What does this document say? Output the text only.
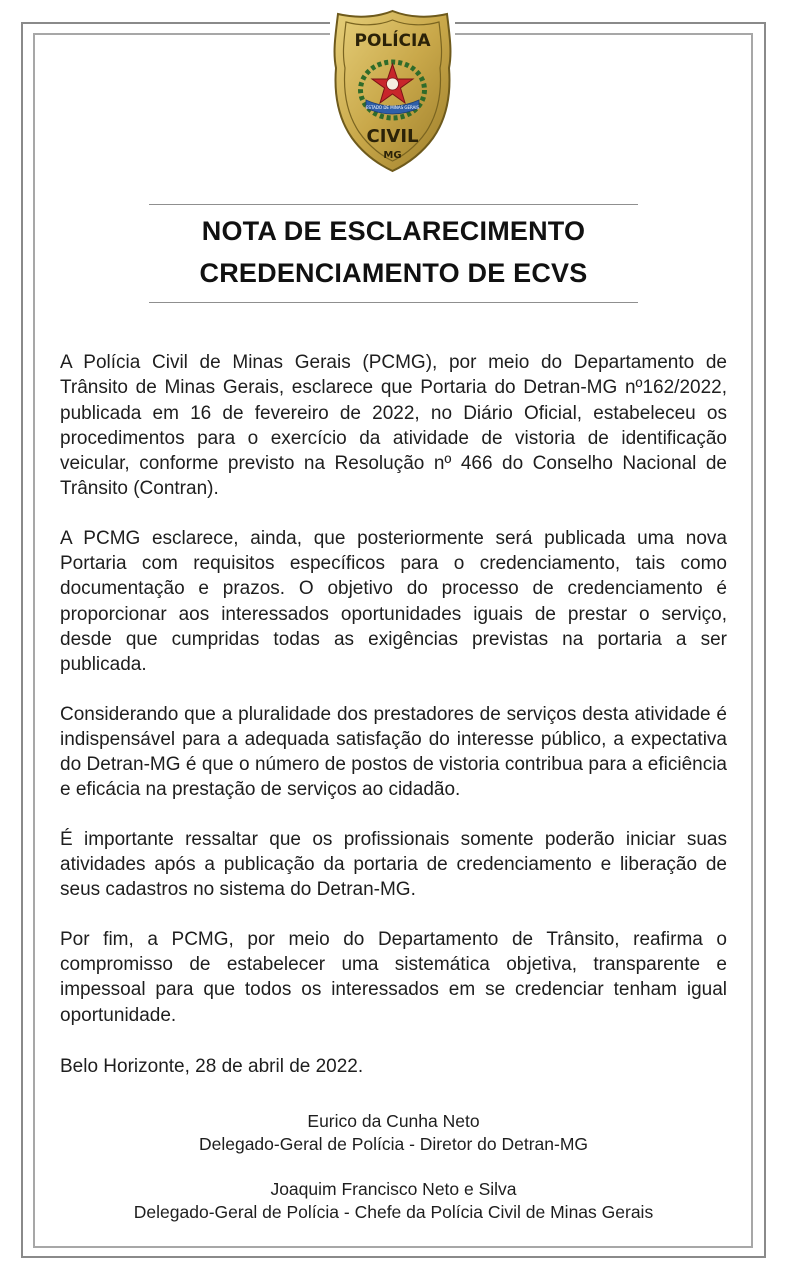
POLÍCIA
ESTADO DE MINAS GERAIS
CIVIL
MG
NOTA DE ESCLARECIMENTO
CREDENCIAMENTO DE ECVS

A Polícia Civil de Minas Gerais (PCMG), por meio do Departamento de Trânsito de Minas Gerais, esclarece que Portaria do Detran-MG nº162/2022, publicada em 16 de fevereiro de 2022, no Diário Oficial, estabeleceu os procedimentos para o exercício da atividade de vistoria de identificação veicular, conforme previsto na Resolução nº 466 do Conselho Nacional de Trânsito (Contran).

A PCMG esclarece, ainda, que posteriormente será publicada uma nova Portaria com requisitos específicos para o credenciamento, tais como documentação e prazos. O objetivo do processo de credenciamento é proporcionar aos interessados oportunidades iguais de prestar o serviço, desde que cumpridas todas as exigências previstas na portaria a ser publicada.

Considerando que a pluralidade dos prestadores de serviços desta atividade é indispensável para a adequada satisfação do interesse público, a expectativa do Detran-MG é que o número de postos de vistoria contribua para a eficiência e eficácia na prestação de serviços ao cidadão.

É importante ressaltar que os profissionais somente poderão iniciar suas atividades após a publicação da portaria de credenciamento e liberação de seus cadastros no sistema do Detran-MG.

Por fim, a PCMG, por meio do Departamento de Trânsito, reafirma o compromisso de estabelecer uma sistemática objetiva, transparente e impessoal para que todos os interessados em se credenciar tenham igual oportunidade.

Belo Horizonte, 28 de abril de 2022.
Eurico da Cunha Neto
Delegado-Geral de Polícia - Diretor do Detran-MG
Joaquim Francisco Neto e Silva
Delegado-Geral de Polícia - Chefe da Polícia Civil de Minas Gerais
